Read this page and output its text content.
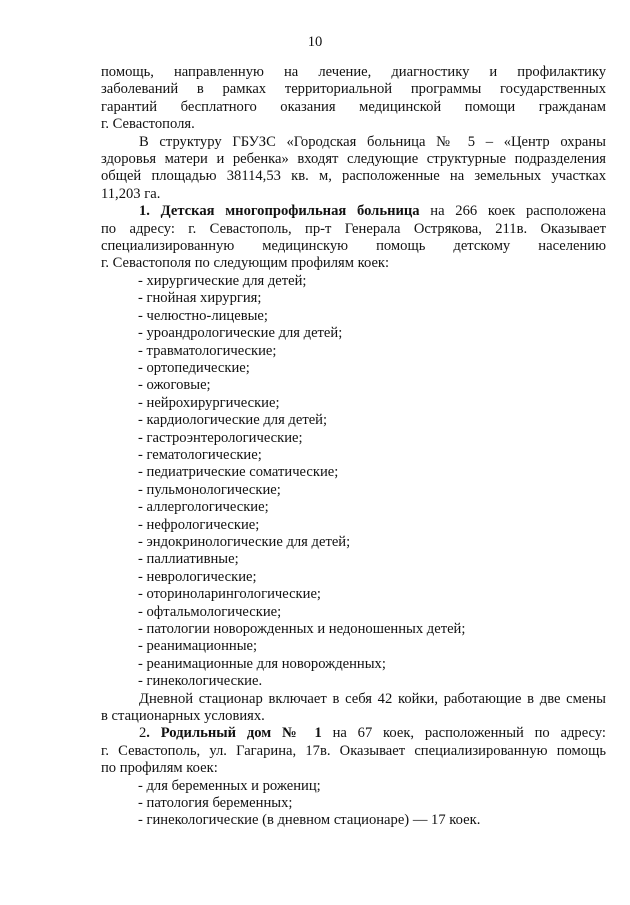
10
помощь, направленную на лечение, диагностику и профилактику
заболеваний в рамках территориальной программы государственных
гарантий бесплатного оказания медицинской помощи гражданам
г. Севастополя.
В структуру ГБУЗС «Городская больница № 5 – «Центр охраны
здоровья матери и ребенка» входят следующие структурные подразделения
общей площадью 38114,53 кв. м, расположенные на земельных участках
11,203 га.
1. Детская многопрофильная больница на 266 коек расположена
по адресу: г. Севастополь, пр-т Генерала Острякова, 211в. Оказывает
специализированную медицинскую помощь детскому населению
г. Севастополя по следующим профилям коек:
- хирургические для детей;
- гнойная хирургия;
- челюстно-лицевые;
- уроандрологические для детей;
- травматологические;
- ортопедические;
- ожоговые;
- нейрохирургические;
- кардиологические для детей;
- гастроэнтерологические;
- гематологические;
- педиатрические соматические;
- пульмонологические;
- аллергологические;
- нефрологические;
- эндокринологические для детей;
- паллиативные;
- неврологические;
- оториноларингологические;
- офтальмологические;
- патологии новорожденных и недоношенных детей;
- реанимационные;
- реанимационные для новорожденных;
- гинекологические.
Дневной стационар включает в себя 42 койки, работающие в две смены
в стационарных условиях.
2. Родильный дом № 1 на 67 коек, расположенный по адресу:
г. Севастополь, ул. Гагарина, 17в. Оказывает специализированную помощь
по профилям коек:
- для беременных и рожениц;
- патология беременных;
- гинекологические (в дневном стационаре) — 17 коек.
